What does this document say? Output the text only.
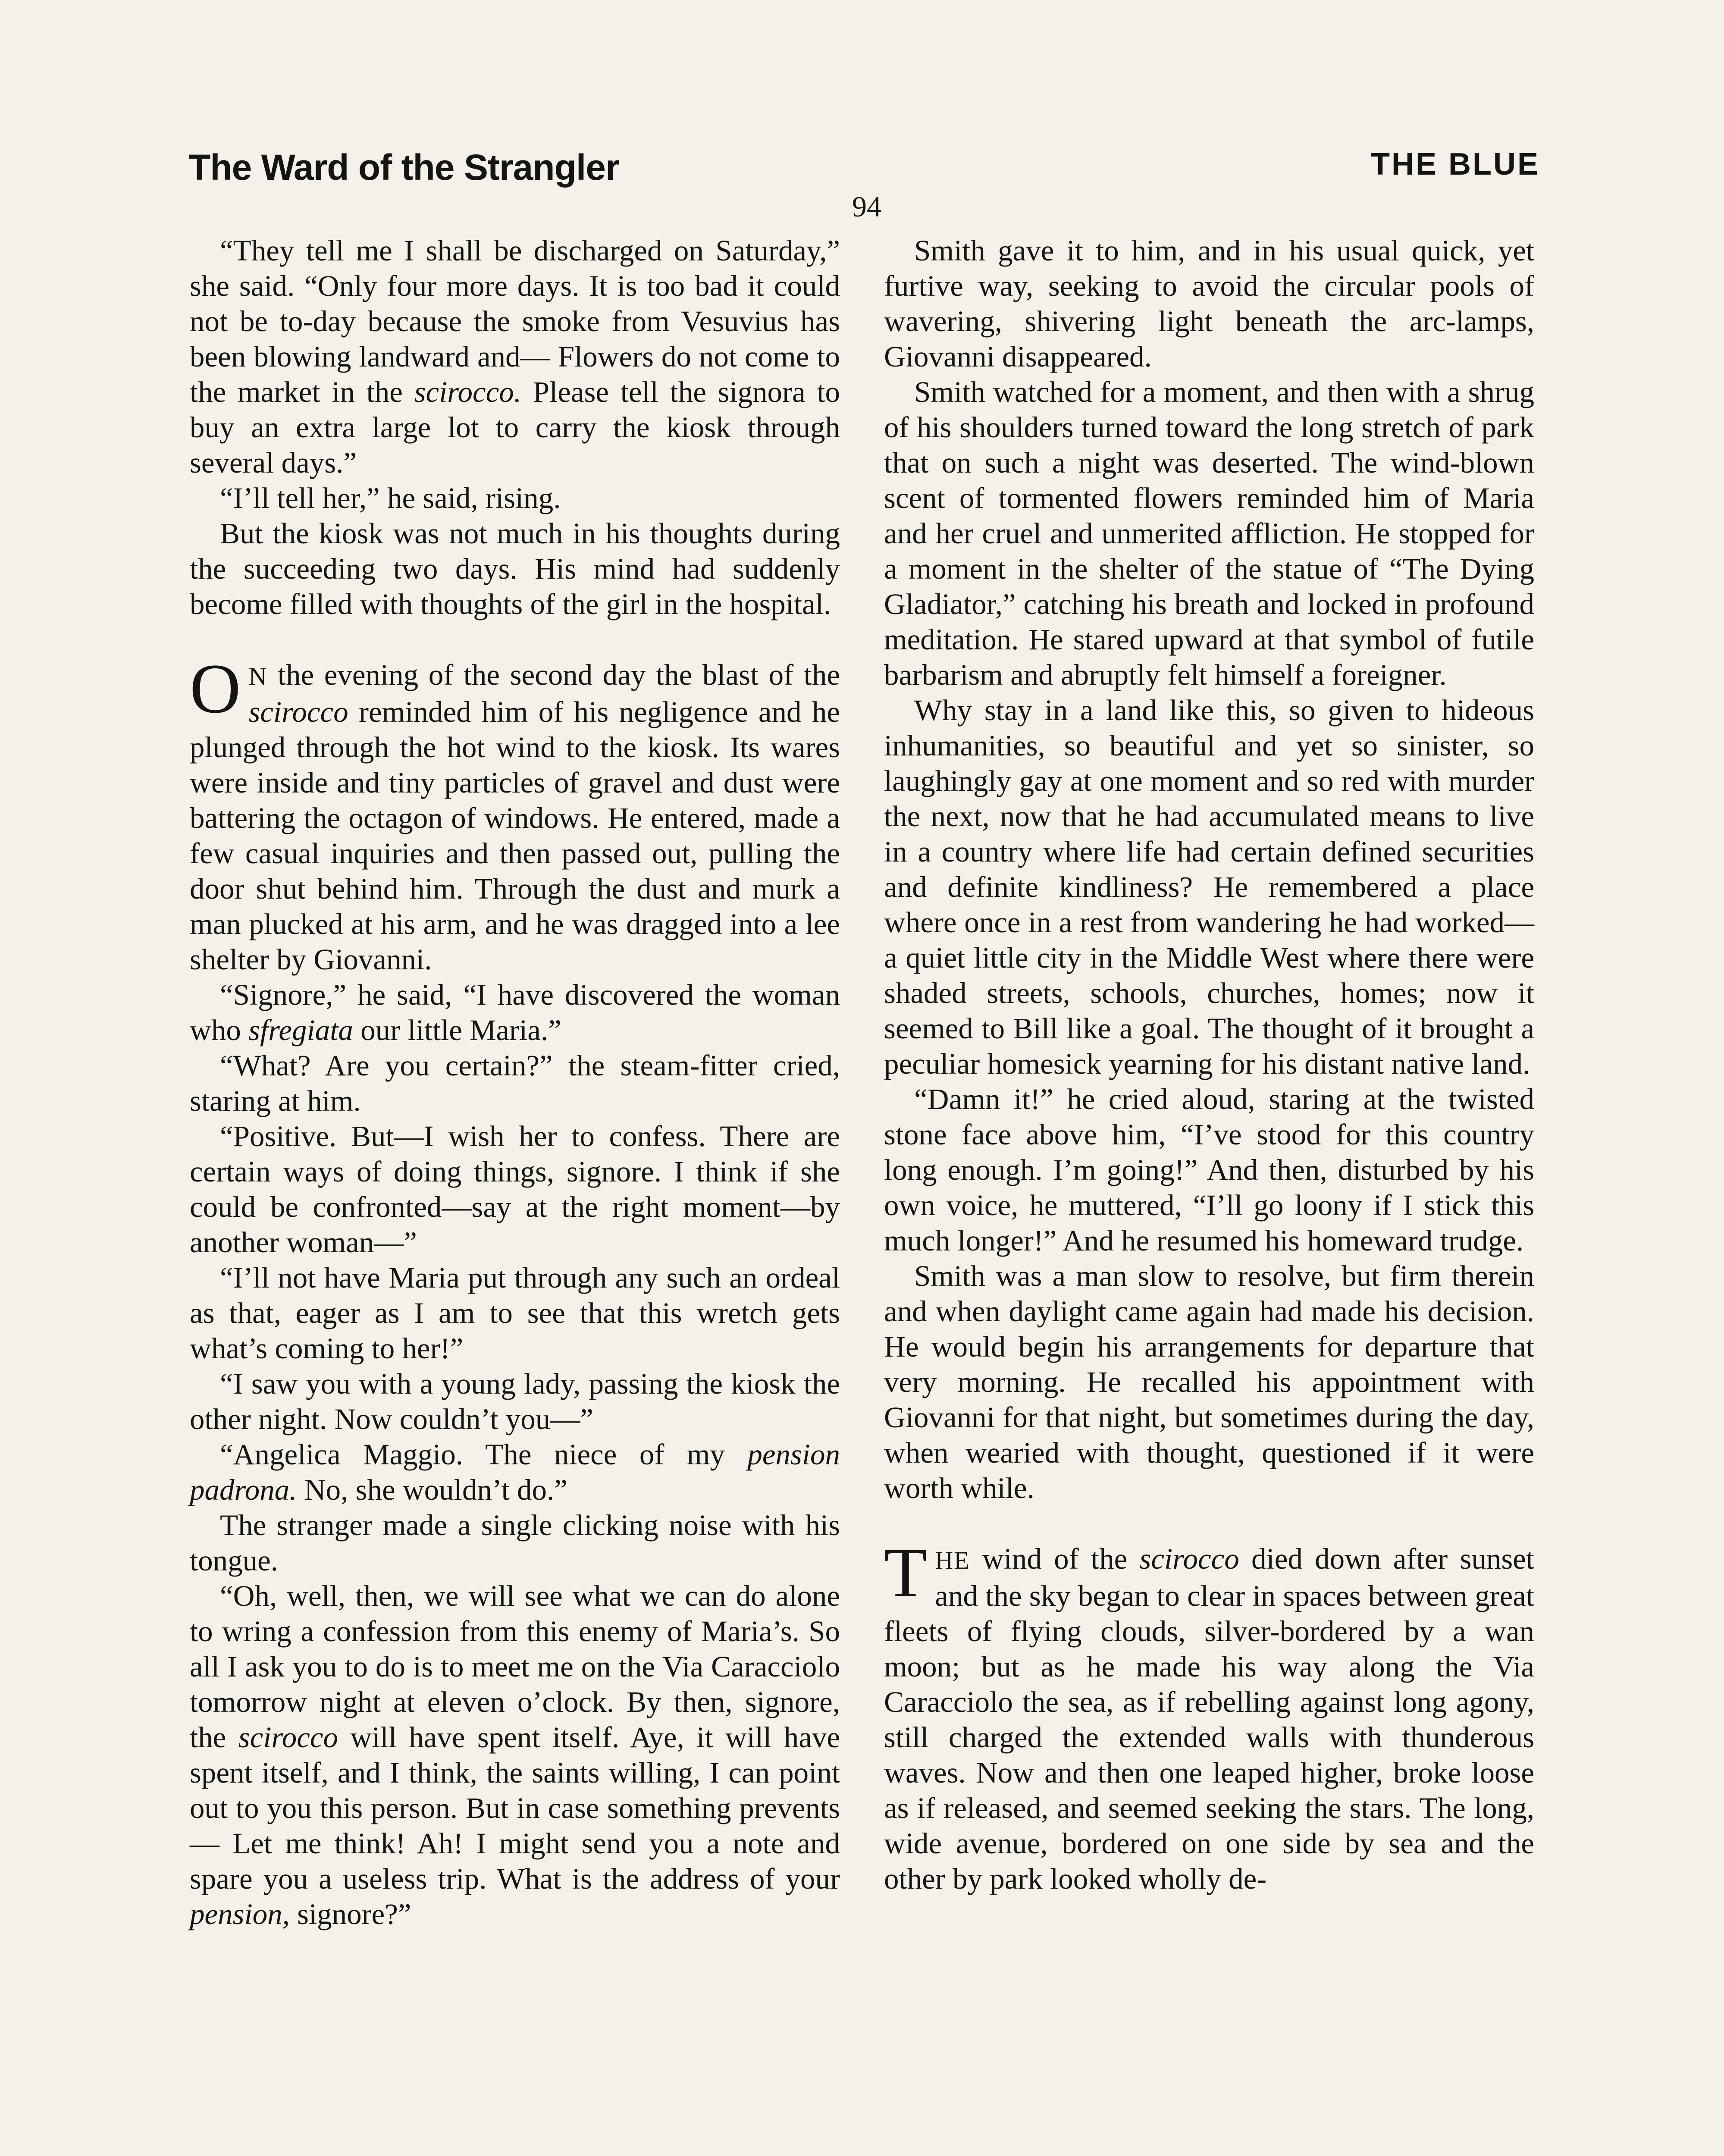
The Ward of the Strangler	THE BLUE
94

“They tell me I shall be discharged on Saturday,” she said. “Only four more days. It is too bad it could not be to-day because the smoke from Vesuvius has been blowing landward and— Flowers do not come to the market in the scirocco. Please tell the signora to buy an extra large lot to carry the kiosk through several days.”

“I’ll tell her,” he said, rising.

But the kiosk was not much in his thoughts during the succeeding two days. His mind had suddenly become filled with thoughts of the girl in the hospital.

O N the evening of the second day the blast of the scirocco reminded him of his negligence and he plunged through the hot wind to the kiosk. Its wares were inside and tiny particles of gravel and dust were battering the octagon of windows. He entered, made a few casual inquiries and then passed out, pulling the door shut behind him. Through the dust and murk a man plucked at his arm, and he was dragged into a lee shelter by Giovanni.

“Signore,” he said, “I have discovered the woman who sfregiata our little Maria.”

“What? Are you certain?” the steam-fitter cried, staring at him.

“Positive. But—I wish her to confess. There are certain ways of doing things, signore. I think if she could be confronted—say at the right moment—by another woman—”

“I’ll not have Maria put through any such an ordeal as that, eager as I am to see that this wretch gets what’s coming to her!”

“I saw you with a young lady, passing the kiosk the other night. Now couldn’t you—”

“Angelica Maggio. The niece of my pension padrona. No, she wouldn’t do.”

The stranger made a single clicking noise with his tongue.

“Oh, well, then, we will see what we can do alone to wring a confession from this enemy of Maria’s. So all I ask you to do is to meet me on the Via Caracciolo tomorrow night at eleven o’clock. By then, signore, the scirocco will have spent itself. Aye, it will have spent itself, and I think, the saints willing, I can point out to you this person. But in case something prevents— Let me think! Ah! I might send you a note and spare you a useless trip. What is the address of your pension, signore?”

Smith gave it to him, and in his usual quick, yet furtive way, seeking to avoid the circular pools of wavering, shivering light beneath the arc-lamps, Giovanni disappeared.

Smith watched for a moment, and then with a shrug of his shoulders turned toward the long stretch of park that on such a night was deserted. The wind-blown scent of tormented flowers reminded him of Maria and her cruel and unmerited affliction. He stopped for a moment in the shelter of the statue of “The Dying Gladiator,” catching his breath and locked in profound meditation. He stared upward at that symbol of futile barbarism and abruptly felt himself a foreigner.

Why stay in a land like this, so given to hideous inhumanities, so beautiful and yet so sinister, so laughingly gay at one moment and so red with murder the next, now that he had accumulated means to live in a country where life had certain defined securities and definite kindliness? He remembered a place where once in a rest from wandering he had worked—a quiet little city in the Middle West where there were shaded streets, schools, churches, homes; now it seemed to Bill like a goal. The thought of it brought a peculiar homesick yearning for his distant native land.

“Damn it!” he cried aloud, staring at the twisted stone face above him, “I’ve stood for this country long enough. I’m going!” And then, disturbed by his own voice, he muttered, “I’ll go loony if I stick this much longer!” And he resumed his homeward trudge.

Smith was a man slow to resolve, but firm therein and when daylight came again had made his decision. He would begin his arrangements for departure that very morning. He recalled his appointment with Giovanni for that night, but sometimes during the day, when wearied with thought, questioned if it were worth while.

THE wind of the scirocco died down after sunset and the sky began to clear in spaces between great fleets of flying clouds, silver-bordered by a wan moon; but as he made his way along the Via Caracciolo the sea, as if rebelling against long agony, still charged the extended walls with thunderous waves. Now and then one leaped higher, broke loose as if released, and seemed seeking the stars. The long, wide avenue, bordered on one side by sea and the other by park looked wholly de-
